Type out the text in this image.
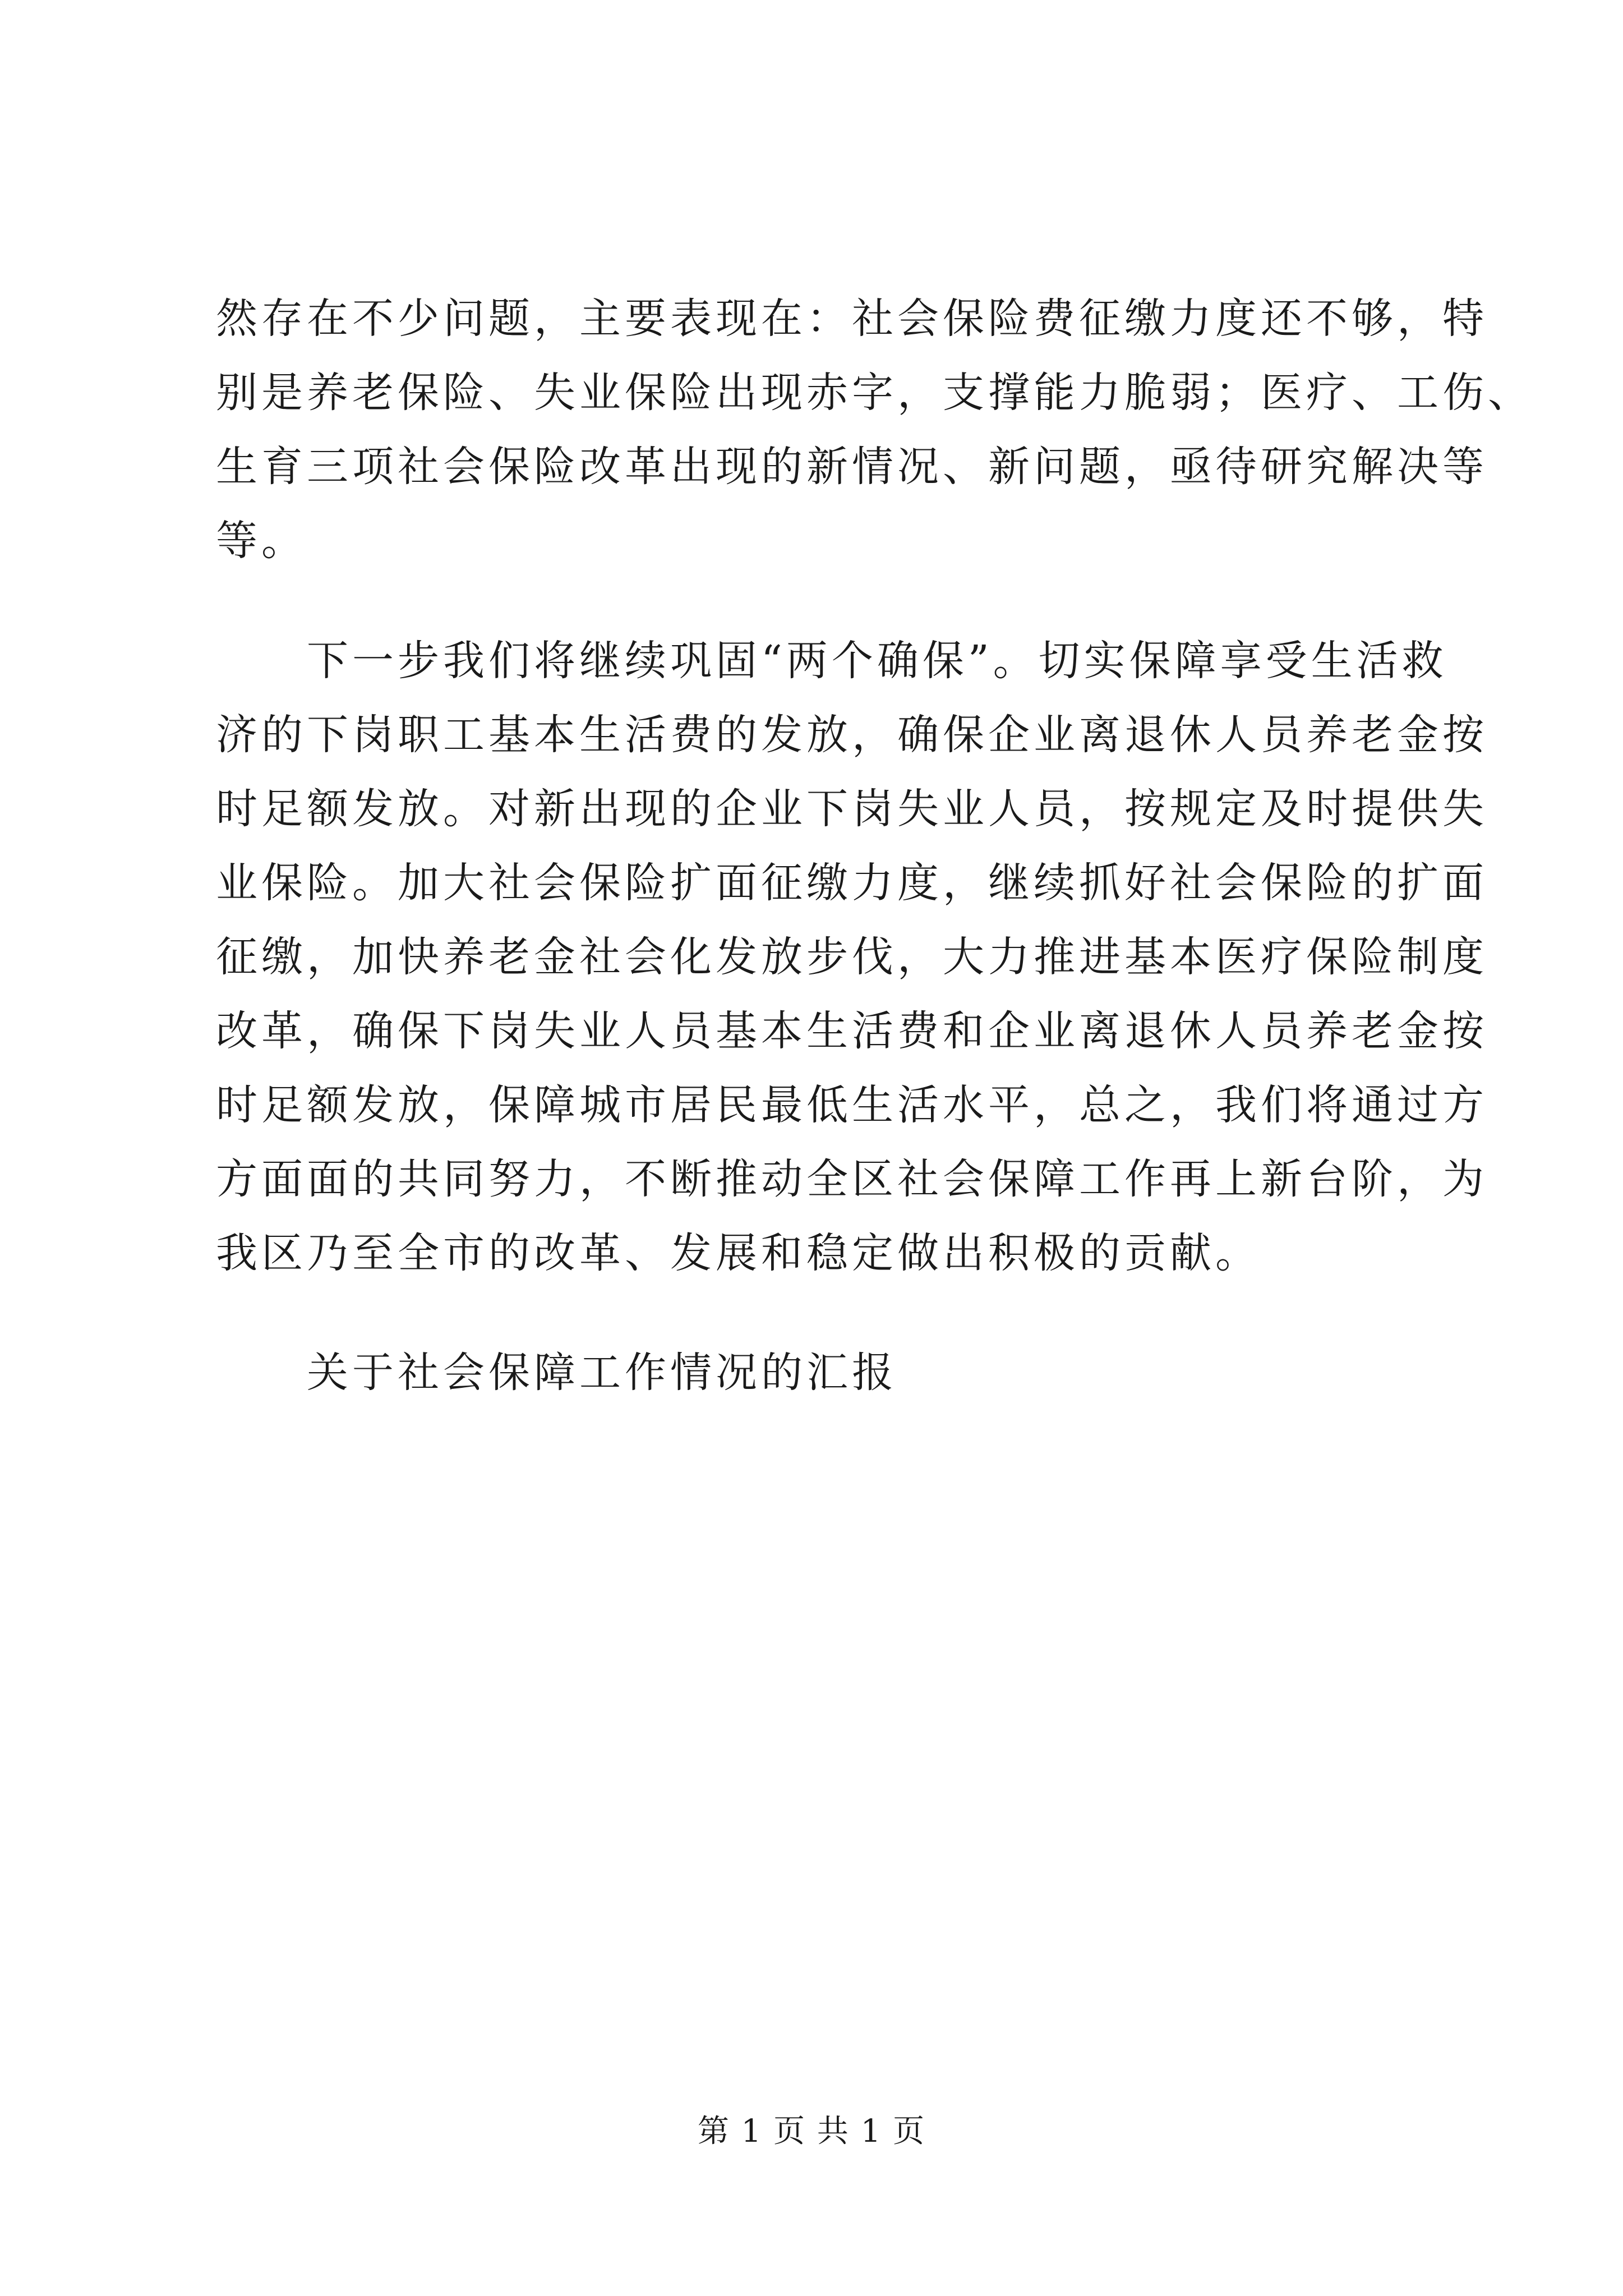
然存在不少问题，主要表现在：社会保险费征缴力度还不够，特
别是养老保险、失业保险出现赤字，支撑能力脆弱；医疗、工伤、
生育三项社会保险改革出现的新情况、新问题，亟待研究解决等
等。
　　下一步我们将继续巩固“两个确保”。切实保障享受生活救
济的下岗职工基本生活费的发放，确保企业离退休人员养老金按
时足额发放。对新出现的企业下岗失业人员，按规定及时提供失
业保险。加大社会保险扩面征缴力度，继续抓好社会保险的扩面
征缴，加快养老金社会化发放步伐，大力推进基本医疗保险制度
改革，确保下岗失业人员基本生活费和企业离退休人员养老金按
时足额发放，保障城市居民最低生活水平，总之，我们将通过方
方面面的共同努力，不断推动全区社会保障工作再上新台阶，为
我区乃至全市的改革、发展和稳定做出积极的贡献。
　　关于社会保障工作情况的汇报
第 1 页 共 1 页
